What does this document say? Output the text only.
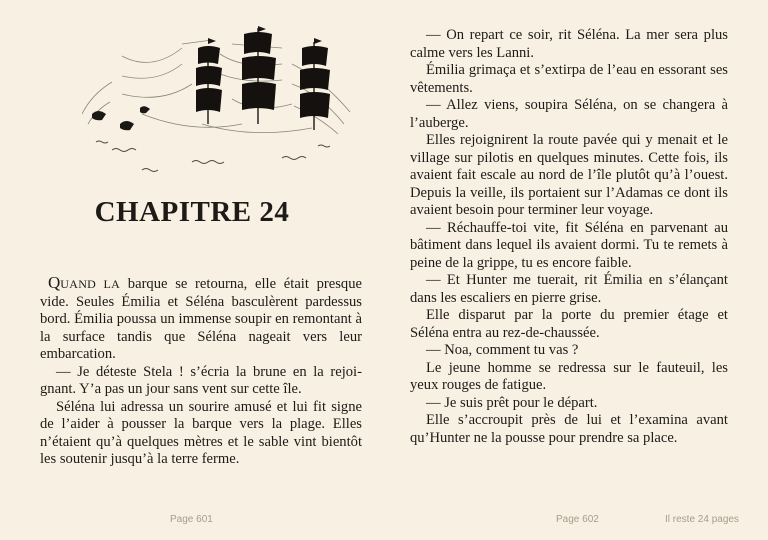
CHAPITRE 24

QUAND LA barque se retourna, elle était presque vide. Seules Émilia et Séléna basculèrent pardessus bord. Émilia poussa un immense soupir en remontant à la surface tandis que Séléna nageait vers leur embarcation.

— Je déteste Stela ! s’écria la brune en la rejoignant. Y’a pas un jour sans vent sur cette île.

Séléna lui adressa un sourire amusé et lui fit signe de l’aider à pousser la barque vers la plage. Elles n’étaient qu’à quelques mètres et le sable vint bientôt les soutenir jusqu’à la terre ferme.

Page 601

— On repart ce soir, rit Séléna. La mer sera plus calme vers les Lanni.

Émilia grimaça et s’extirpa de l’eau en essorant ses vêtements.

— Allez viens, soupira Séléna, on se changera à l’auberge.

Elles rejoignirent la route pavée qui y menait et le village sur pilotis en quelques minutes. Cette fois, ils avaient fait escale au nord de l’île plutôt qu’à l’ouest. Depuis la veille, ils portaient sur l’Adamas ce dont ils avaient besoin pour terminer leur voyage.

— Réchauffe-toi vite, fit Séléna en parvenant au bâtiment dans lequel ils avaient dormi. Tu te remets à peine de la grippe, tu es encore faible.

— Et Hunter me tuerait, rit Émilia en s’élançant dans les escaliers en pierre grise.

Elle disparut par la porte du premier étage et Séléna entra au rez-de-chaussée.

— Noa, comment tu vas ?

Le jeune homme se redressa sur le fauteuil, les yeux rouges de fatigue.

— Je suis prêt pour le départ.

Elle s’accroupit près de lui et l’examina avant qu’Hunter ne la pousse pour prendre sa place.

Page 602	Il reste 24 pages
